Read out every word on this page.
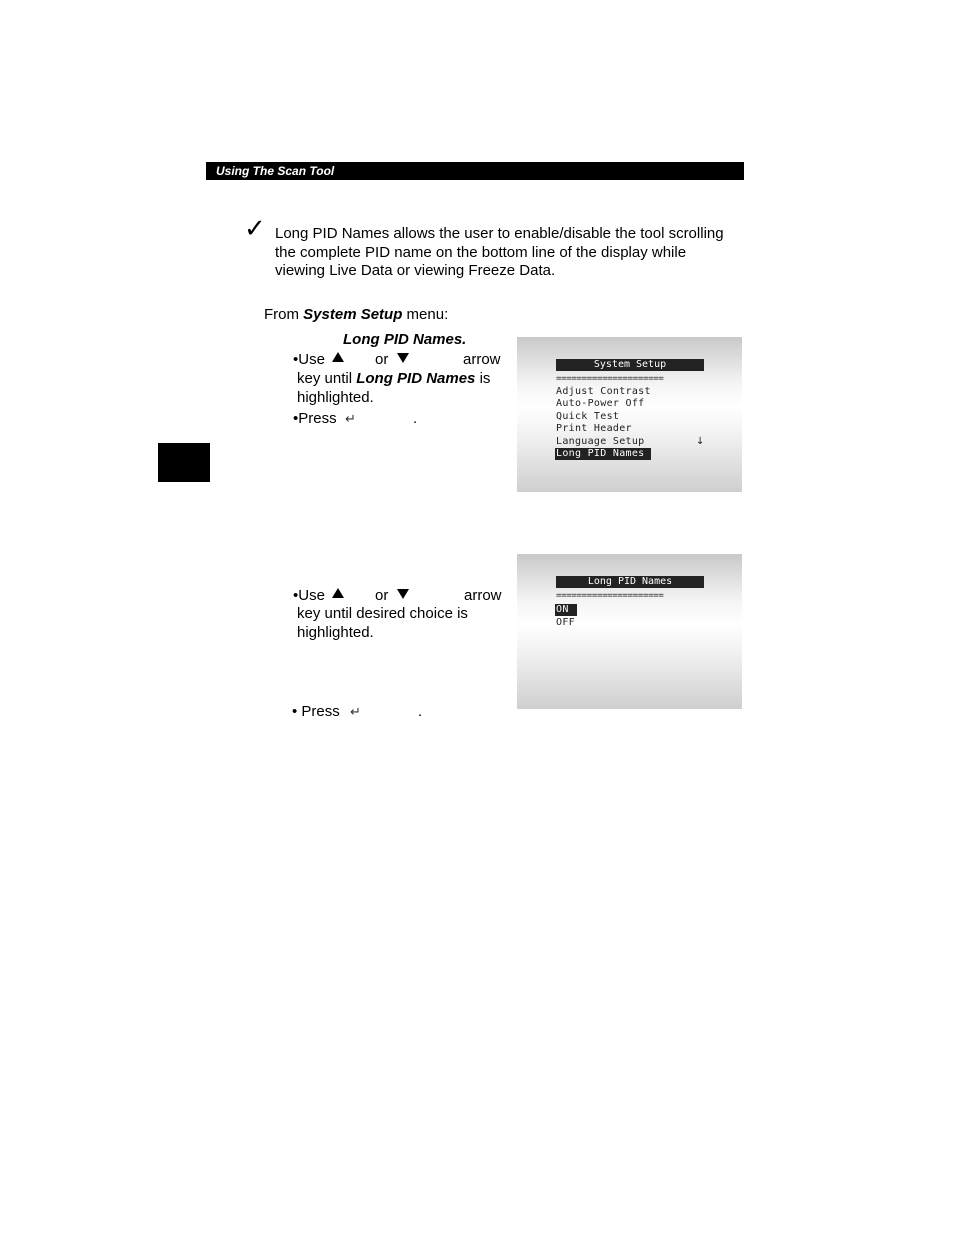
Using The Scan Tool
✓ Long PID Names allows the user to enable/disable the tool scrolling the complete PID name on the bottom line of the display while viewing Live Data or viewing Freeze Data.
From System Setup menu:
Long PID Names.
•Use	or	arrow
key until Long PID Names is
highlighted.
•Press ↵	.
System Setup
=====================
Adjust Contrast
Auto-Power Off
Quick Test
Print Header
Language Setup	↓
Long PID Names
•Use	or	arrow
key until desired choice is
highlighted.
• Press ↵	.
Long PID Names
=====================
ON
OFF
